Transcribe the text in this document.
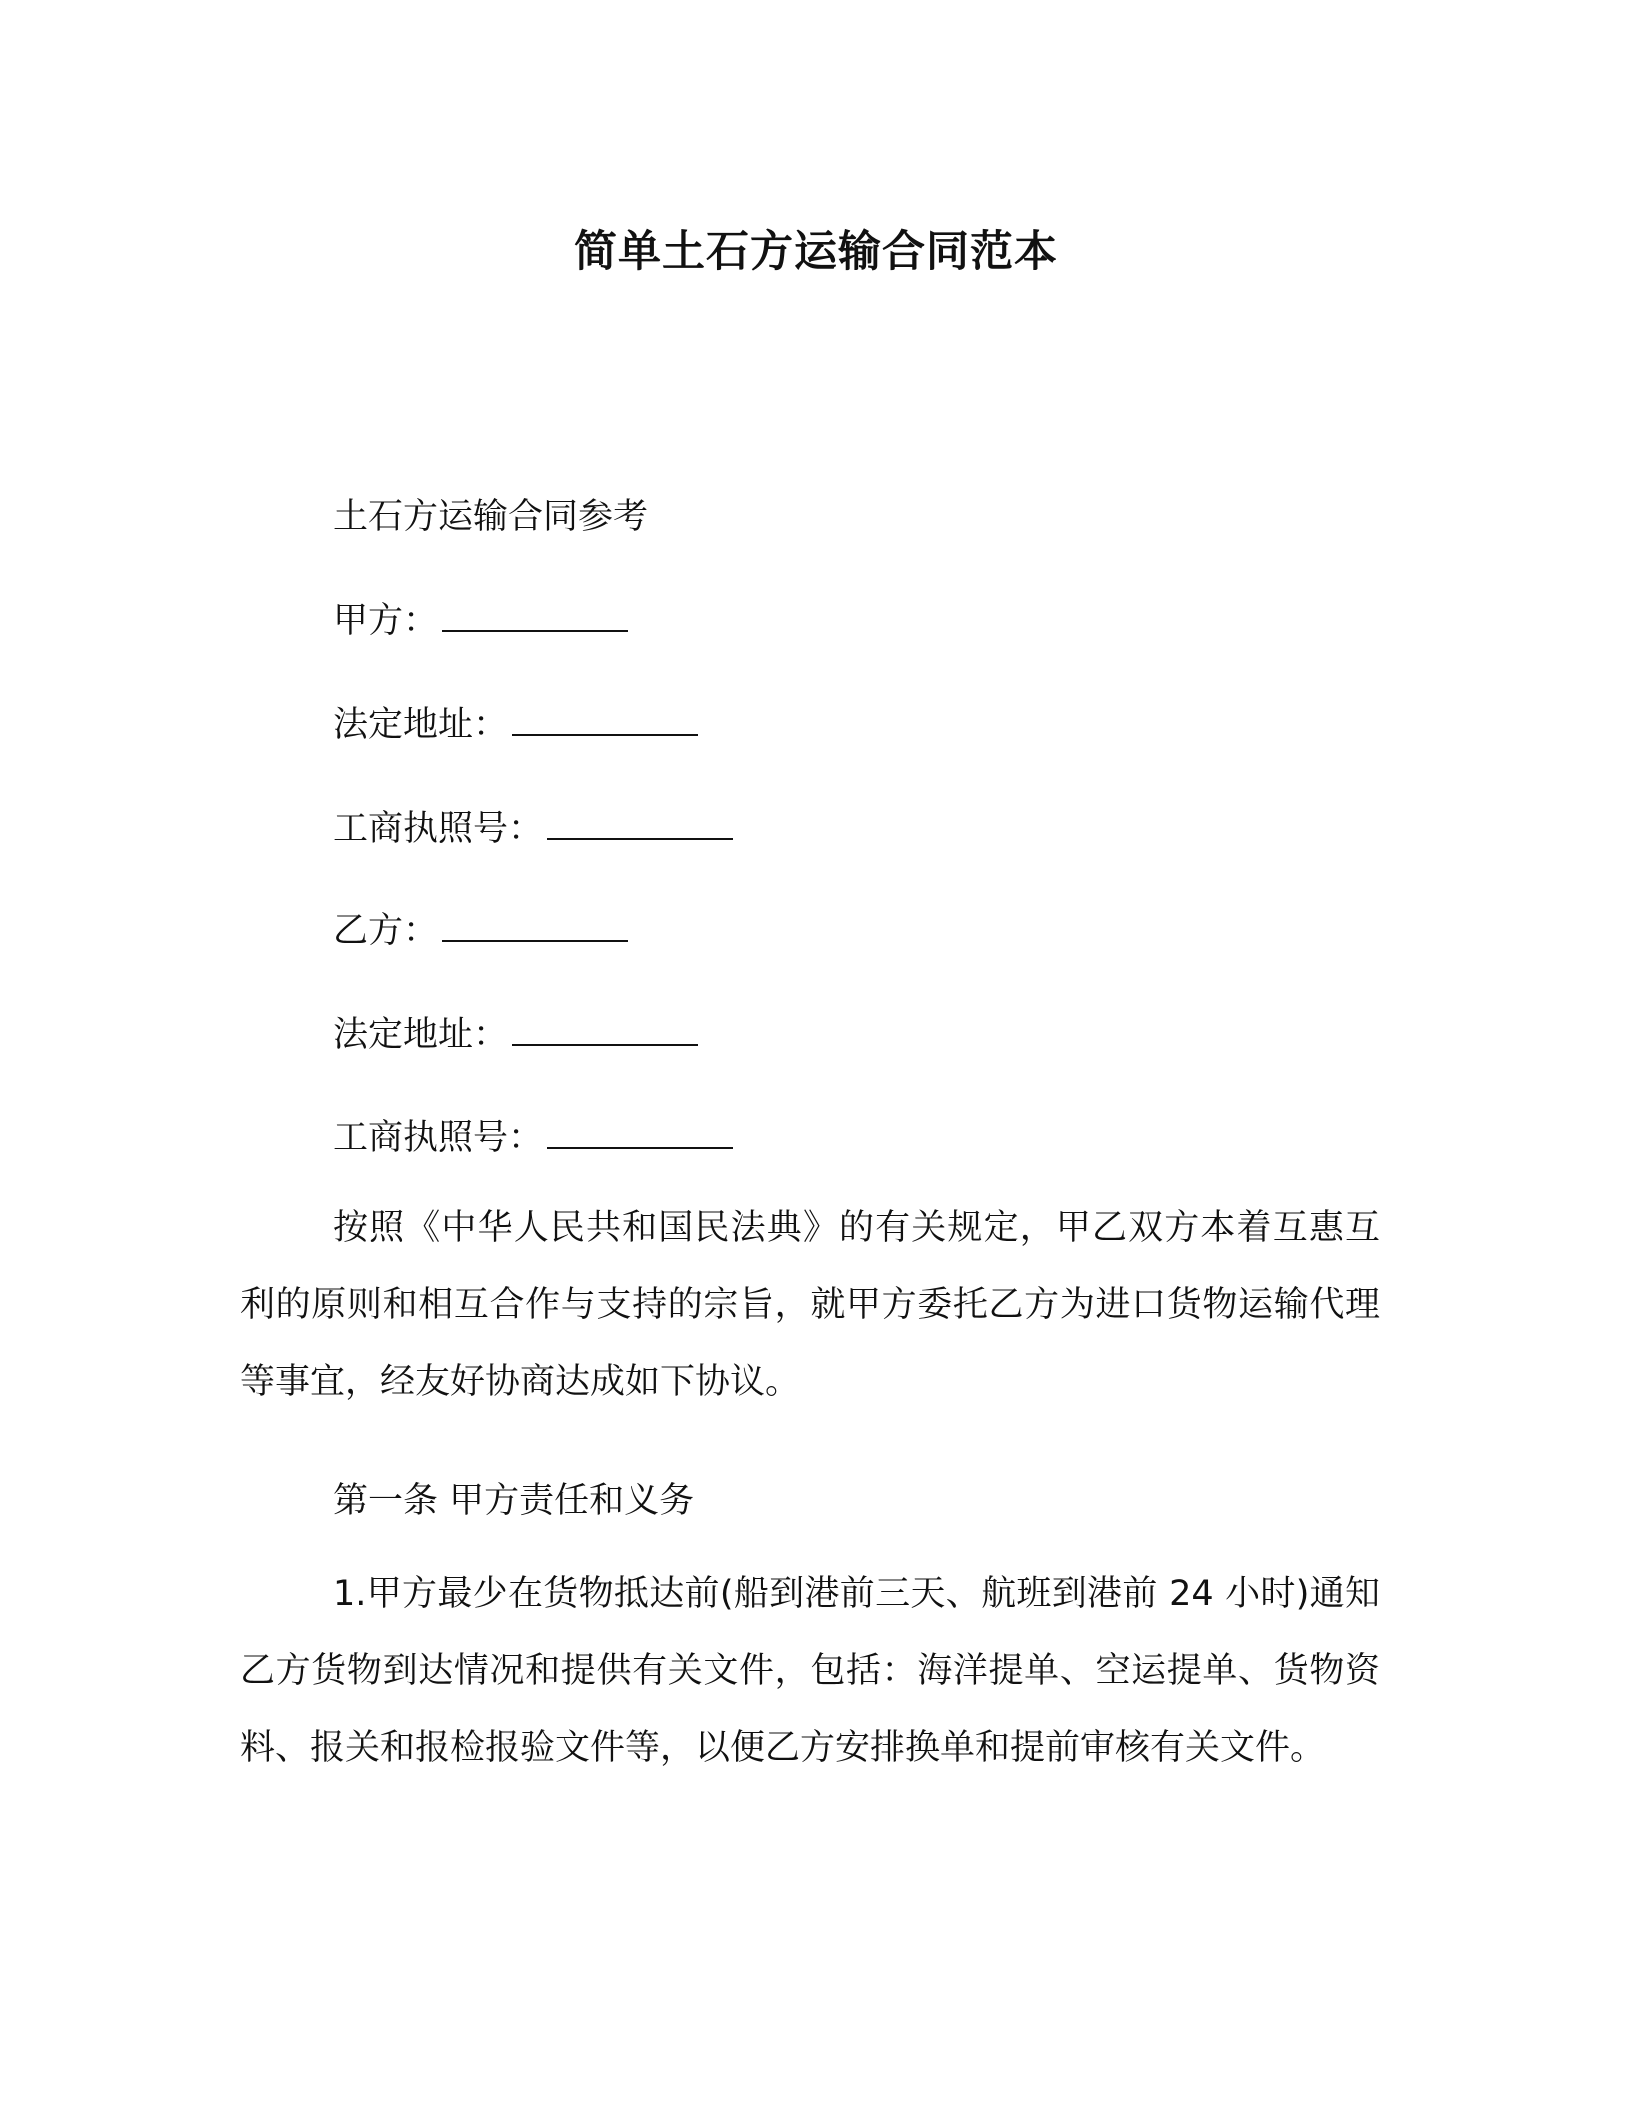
简单土石方运输合同范本
土石方运输合同参考
甲方：
法定地址：
工商执照号：
乙方：
法定地址：
工商执照号：

按照《中华人民共和国民法典》的有关规定，甲乙双方本着互惠互利的原则和相互合作与支持的宗旨，就甲方委托乙方为进口货物运输代理等事宜，经友好协商达成如下协议。

第一条 甲方责任和义务

1.甲方最少在货物抵达前(船到港前三天、航班到港前 24 小时)通知乙方货物到达情况和提供有关文件，包括：海洋提单、空运提单、货物资料、报关和报检报验文件等，以便乙方安排换单和提前审核有关文件。
